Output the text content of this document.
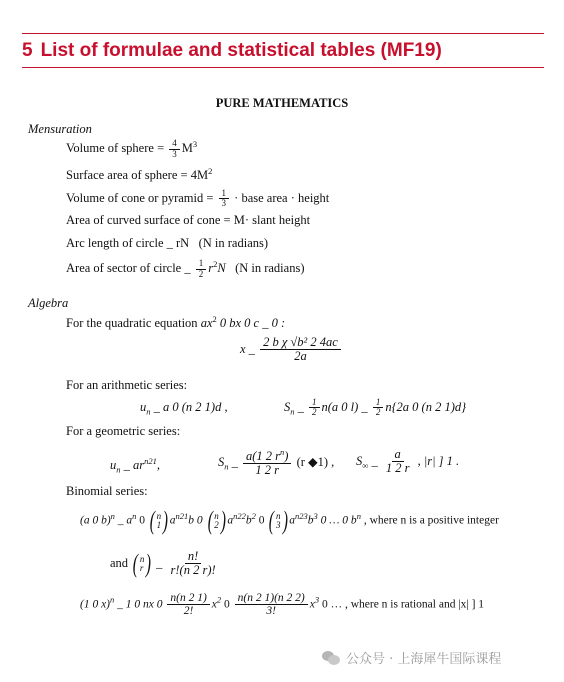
5 List of formulae and statistical tables (MF19)
PURE MATHEMATICS
Mensuration
Volume of sphere = $\frac{4}{3} M^3$
Surface area of sphere = $4M^2$
Volume of cone or pyramid = $\frac{1}{3}$ · base area · height
Area of curved surface of cone = M· slant height
Arc length of circle _ rN (N in radians)
Area of sector of circle _ $\frac{1}{2} r^2N$ (N in radians)
Algebra
For the quadratic equation $ax^2$ 0 bx 0 c _ 0 :
x _ $\frac{\text{2 b χ √b² 2 4ac}}{2a}$
For an arithmetic series:
$u_n$ _ a 0 (n 2 1)d ,	$S_n$ _ $\frac{1}{2} n(a$ 0 l) _ $\frac{1}{2} n\{2a$ 0 (n 2 1)d}
For a geometric series:
$u_n$ _ $ar^{n21}$,	$S_n$ _ $\frac{a(1 2 r^n)}{1 2 r} (r$ ◆1) , $S_\infty$ _ $\frac{a}{1 2 r}$ , |r| ] 1 .
Binomial series:
(a 0 b)$^n$ _ $a^n$ 0 ( n
1 ) $a^{n21}b$ 0 ( n
2 ) $a^{n22}b^2$ 0 ( n
3 ) $a^{n23}b^3$ 0 … 0 $b^n$ , where n is a positive integer
and ( n
r ) _ $\frac{n!}{r!(n 2 r)!}$
(1 0 x)$^n$ _ 1 0 nx $0 \frac{n(n 2 1)}{2!} x^2$ $0 \frac{n(n 2 1)(n 2 2)}{3!} x^3$ 0 … , where n is rational and |x| ] 1
公众号 · 上海犀牛国际课程
